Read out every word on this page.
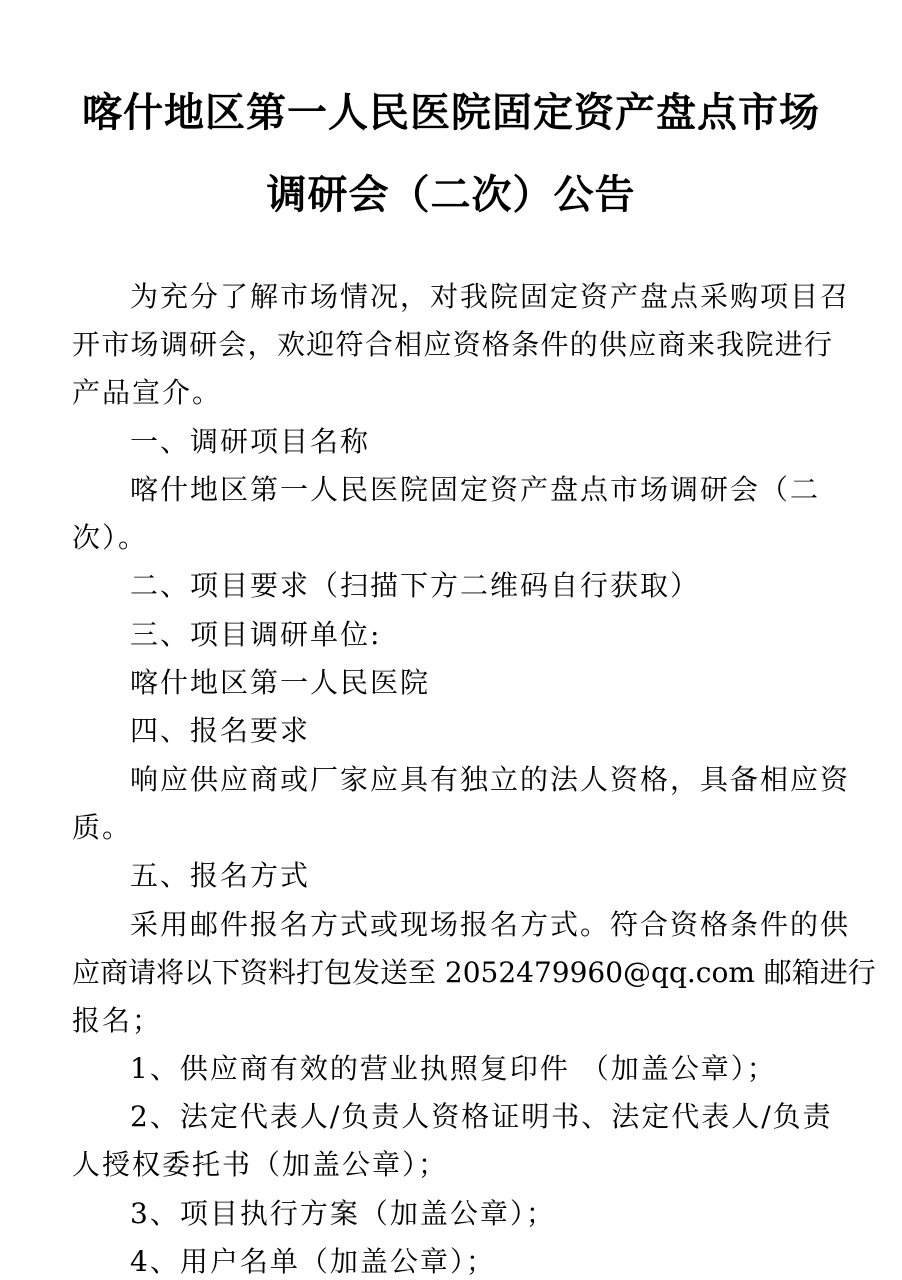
喀什地区第一人民医院固定资产盘点市场
调研会（二次）公告
为充分了解市场情况，对我院固定资产盘点采购项目召
开市场调研会，欢迎符合相应资格条件的供应商来我院进行
产品宣介。
一、调研项目名称
喀什地区第一人民医院固定资产盘点市场调研会（二
次）。
二、项目要求（扫描下方二维码自行获取）
三、项目调研单位:
喀什地区第一人民医院
四、报名要求
响应供应商或厂家应具有独立的法人资格，具备相应资
质。
五、报名方式
采用邮件报名方式或现场报名方式。符合资格条件的供
应商请将以下资料打包发送至 2052479960@qq.com 邮箱进行
报名；
1、供应商有效的营业执照复印件 （加盖公章）；
2、法定代表人/负责人资格证明书、法定代表人/负责
人授权委托书（加盖公章）；
3、项目执行方案（加盖公章）；
4、用户名单（加盖公章）；
